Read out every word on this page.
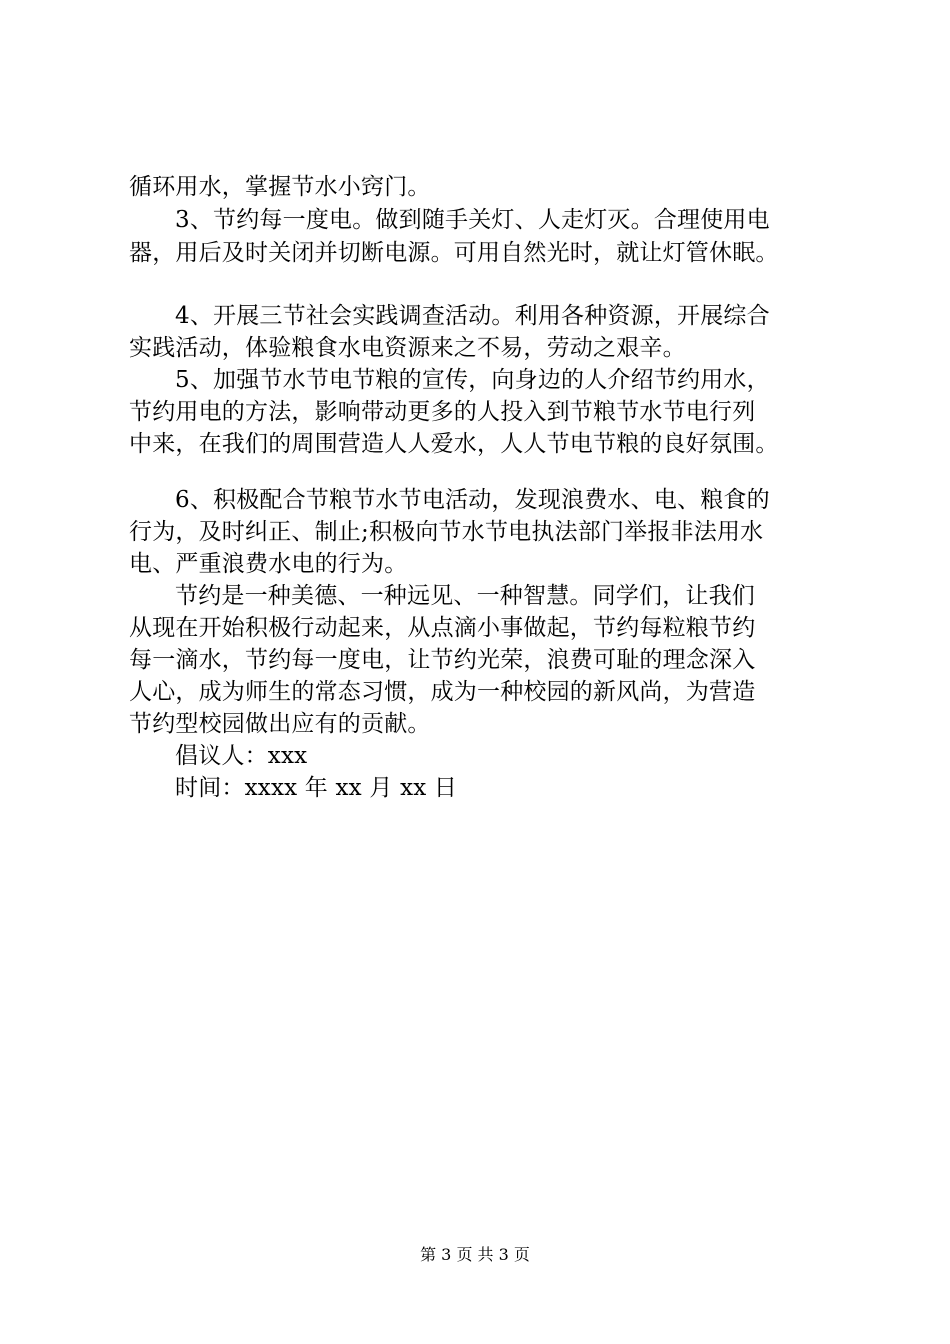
循环用水，掌握节水小窍门。
3、节约每一度电。做到随手关灯、人走灯灭。合理使用电
器，用后及时关闭并切断电源。可用自然光时，就让灯管休眠。
4、开展三节社会实践调查活动。利用各种资源，开展综合
实践活动，体验粮食水电资源来之不易，劳动之艰辛。
5、加强节水节电节粮的宣传，向身边的人介绍节约用水，
节约用电的方法，影响带动更多的人投入到节粮节水节电行列
中来，在我们的周围营造人人爱水，人人节电节粮的良好氛围。
6、积极配合节粮节水节电活动，发现浪费水、电、粮食的
行为，及时纠正、制止;积极向节水节电执法部门举报非法用水
电、严重浪费水电的行为。
节约是一种美德、一种远见、一种智慧。同学们，让我们
从现在开始积极行动起来，从点滴小事做起，节约每粒粮节约
每一滴水，节约每一度电，让节约光荣，浪费可耻的理念深入
人心，成为师生的常态习惯，成为一种校园的新风尚，为营造
节约型校园做出应有的贡献。
倡议人：xxx
时间：xxxx 年 xx 月 xx 日
第 3 页 共 3 页
